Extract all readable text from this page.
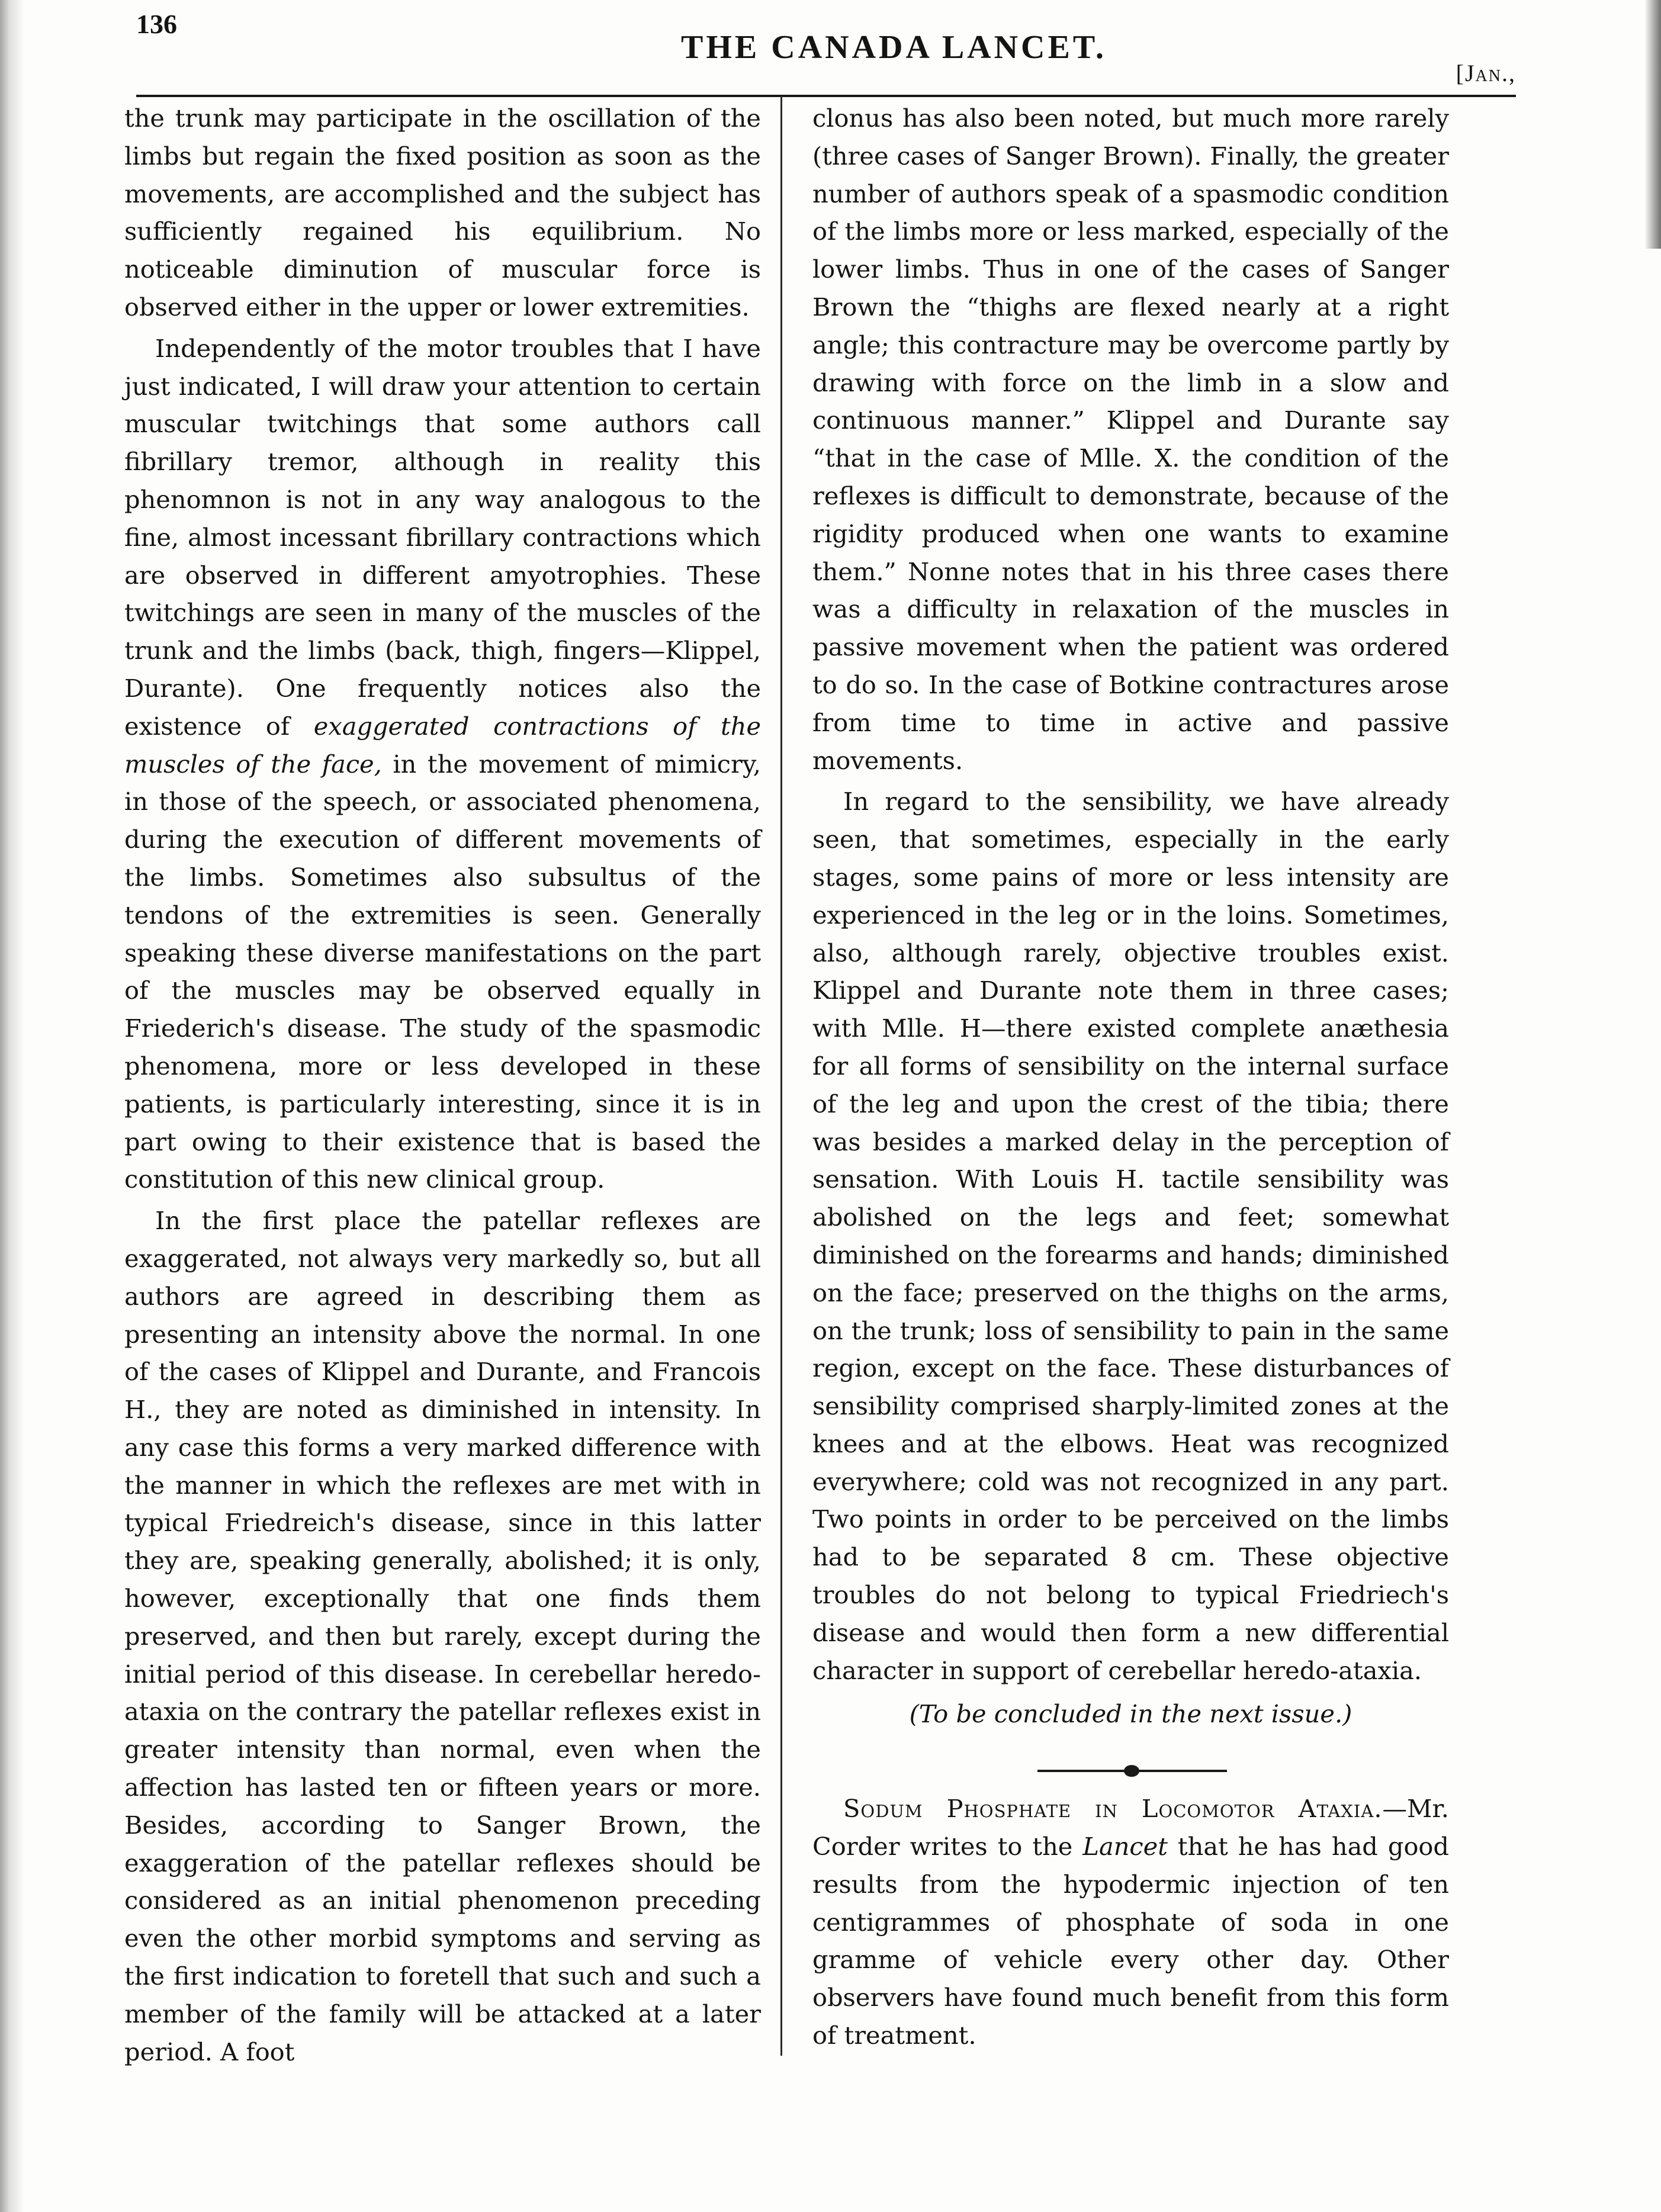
136
THE CANADA LANCET.
[Jan.,

the trunk may participate in the oscillation of the limbs but regain the fixed position as soon as the movements, are accomplished and the subject has sufficiently regained his equilibrium. No noticeable diminution of muscular force is observed either in the upper or lower extremities.

Independently of the motor troubles that I have just indicated, I will draw your attention to certain muscular twitchings that some authors call fibrillary tremor, although in reality this phenomnon is not in any way analogous to the fine, almost incessant fibrillary contractions which are observed in different amyotrophies. These twitchings are seen in many of the muscles of the trunk and the limbs (back, thigh, fingers—Klippel, Durante). One frequently notices also the existence of exaggerated contractions of the muscles of the face, in the movement of mimicry, in those of the speech, or associated phenomena, during the execution of different movements of the limbs. Sometimes also subsultus of the tendons of the extremities is seen. Generally speaking these diverse manifestations on the part of the muscles may be observed equally in Friederich's disease. The study of the spasmodic phenomena, more or less developed in these patients, is particularly interesting, since it is in part owing to their existence that is based the constitution of this new clinical group.

In the first place the patellar reflexes are exaggerated, not always very markedly so, but all authors are agreed in describing them as presenting an intensity above the normal. In one of the cases of Klippel and Durante, and Francois H., they are noted as diminished in intensity. In any case this forms a very marked difference with the manner in which the reflexes are met with in typical Friedreich's disease, since in this latter they are, speaking generally, abolished; it is only, however, exceptionally that one finds them preserved, and then but rarely, except during the initial period of this disease. In cerebellar heredo-ataxia on the contrary the patellar reflexes exist in greater intensity than normal, even when the affection has lasted ten or fifteen years or more. Besides, according to Sanger Brown, the exaggeration of the patellar reflexes should be considered as an initial phenomenon preceding even the other morbid symptoms and serving as the first indication to foretell that such and such a member of the family will be attacked at a later period. A foot

clonus has also been noted, but much more rarely (three cases of Sanger Brown). Finally, the greater number of authors speak of a spasmodic condition of the limbs more or less marked, especially of the lower limbs. Thus in one of the cases of Sanger Brown the “thighs are flexed nearly at a right angle; this contracture may be overcome partly by drawing with force on the limb in a slow and continuous manner.” Klippel and Durante say “that in the case of Mlle. X. the condition of the reflexes is difficult to demonstrate, because of the rigidity produced when one wants to examine them.” Nonne notes that in his three cases there was a difficulty in relaxation of the muscles in passive movement when the patient was ordered to do so. In the case of Botkine contractures arose from time to time in active and passive movements.

In regard to the sensibility, we have already seen, that sometimes, especially in the early stages, some pains of more or less intensity are experienced in the leg or in the loins. Sometimes, also, although rarely, objective troubles exist. Klippel and Durante note them in three cases; with Mlle. H—there existed complete anæthesia for all forms of sensibility on the internal surface of the leg and upon the crest of the tibia; there was besides a marked delay in the perception of sensation. With Louis H. tactile sensibility was abolished on the legs and feet; somewhat diminished on the forearms and hands; diminished on the face; preserved on the thighs on the arms, on the trunk; loss of sensibility to pain in the same region, except on the face. These disturbances of sensibility comprised sharply-limited zones at the knees and at the elbows. Heat was recognized everywhere; cold was not recognized in any part. Two points in order to be perceived on the limbs had to be separated 8 cm. These objective troubles do not belong to typical Friedriech's disease and would then form a new differential character in support of cerebellar heredo-ataxia.

(To be concluded in the next issue.)

Sodum Phosphate in Locomotor Ataxia.—Mr. Corder writes to the Lancet that he has had good results from the hypodermic injection of ten centigrammes of phosphate of soda in one gramme of vehicle every other day. Other observers have found much benefit from this form of treatment.
